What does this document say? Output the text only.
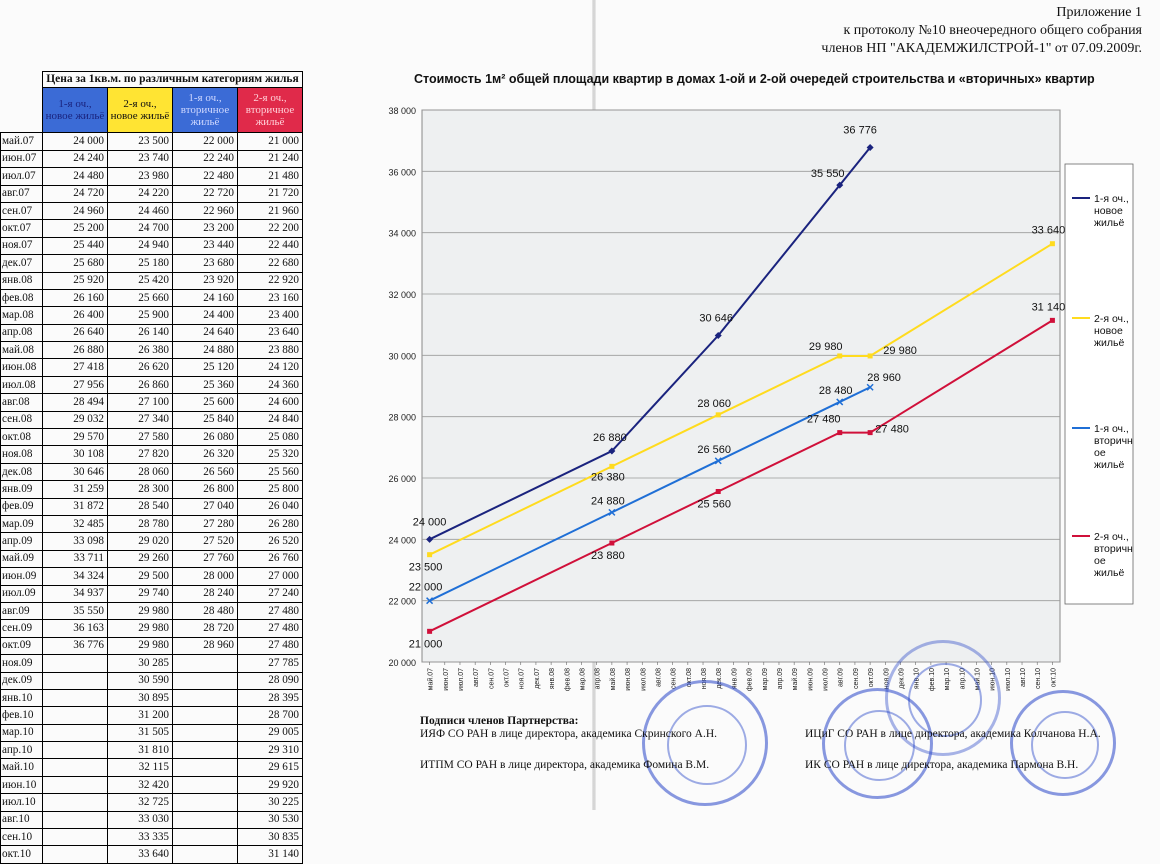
Приложение 1
к протоколу №10 внеочередного общего собрания
членов НП "АКАДЕМЖИЛСТРОЙ-1" от 07.09.2009г.
	Цена за 1кв.м. по различным категориям жилья			
	1-я оч., новое жильё	2-я оч., новое жильё	1-я оч., вторичное жильё	2-я оч., вторичное жильё
май.07	24 000	23 500	22 000	21 000
июн.07	24 240	23 740	22 240	21 240
июл.07	24 480	23 980	22 480	21 480
авг.07	24 720	24 220	22 720	21 720
сен.07	24 960	24 460	22 960	21 960
окт.07	25 200	24 700	23 200	22 200
ноя.07	25 440	24 940	23 440	22 440
дек.07	25 680	25 180	23 680	22 680
янв.08	25 920	25 420	23 920	22 920
фев.08	26 160	25 660	24 160	23 160
мар.08	26 400	25 900	24 400	23 400
апр.08	26 640	26 140	24 640	23 640
май.08	26 880	26 380	24 880	23 880
июн.08	27 418	26 620	25 120	24 120
июл.08	27 956	26 860	25 360	24 360
авг.08	28 494	27 100	25 600	24 600
сен.08	29 032	27 340	25 840	24 840
окт.08	29 570	27 580	26 080	25 080
ноя.08	30 108	27 820	26 320	25 320
дек.08	30 646	28 060	26 560	25 560
янв.09	31 259	28 300	26 800	25 800
фев.09	31 872	28 540	27 040	26 040
мар.09	32 485	28 780	27 280	26 280
апр.09	33 098	29 020	27 520	26 520
май.09	33 711	29 260	27 760	26 760
июн.09	34 324	29 500	28 000	27 000
июл.09	34 937	29 740	28 240	27 240
авг.09	35 550	29 980	28 480	27 480
сен.09	36 163	29 980	28 720	27 480
окт.09	36 776	29 980	28 960	27 480
ноя.09		30 285		27 785
дек.09		30 590		28 090
янв.10		30 895		28 395
фев.10		31 200		28 700
мар.10		31 505		29 005
апр.10		31 810		29 310
май.10		32 115		29 615
июн.10		32 420		29 920
июл.10		32 725		30 225
авг.10		33 030		30 530
сен.10		33 335		30 835
окт.10		33 640		31 140
Стоимость 1м² общей площади квартир в домах 1-ой и 2-ой очередей строительства и «вторичных» квартир
20 000
22 000
24 000
26 000
28 000
30 000
32 000
34 000
36 000
38 000
май.07 июн.07 июл.07 авг.07 сен.07 окт.07 ноя.07 дек.07 янв.08 фев.08 мар.08 апр.08 май.08 июн.08 июл.08 авг.08 сен.08 окт.08 ноя.08 дек.08 янв.09 фев.09 мар.09 апр.09 май.09 июн.09 июл.09 авг.09 сен.09 окт.09 ноя.09 дек.09 янв.10 фев.10 мар.10 апр.10 май.10 июн.10 июл.10 авг.10 сен.10 окт.10
24 000
26 880
30 646
35 550
36 776
23 500
26 380
28 060
29 980	29 980
33 640
22 000
24 880
26 560
28 480
28 960
21 000
23 880
25 560
27 480
27 480
31 140
1-я оч.,
новое
жильё
2-я оч.,
новое
жильё
1-я оч.,
вторичн
ое
жильё
2-я оч.,
вторичн
ое
жильё
Подписи членов Партнерства:
ИЯФ СО РАН в лице директора, академика Скринского А.Н.	ИЦиГ СО РАН в лице директора, академика Колчанова Н.А.
ИТПМ СО РАН в лице директора, академика Фомина В.М.	ИК СО РАН в лице директора, академика Пармона В.Н.
